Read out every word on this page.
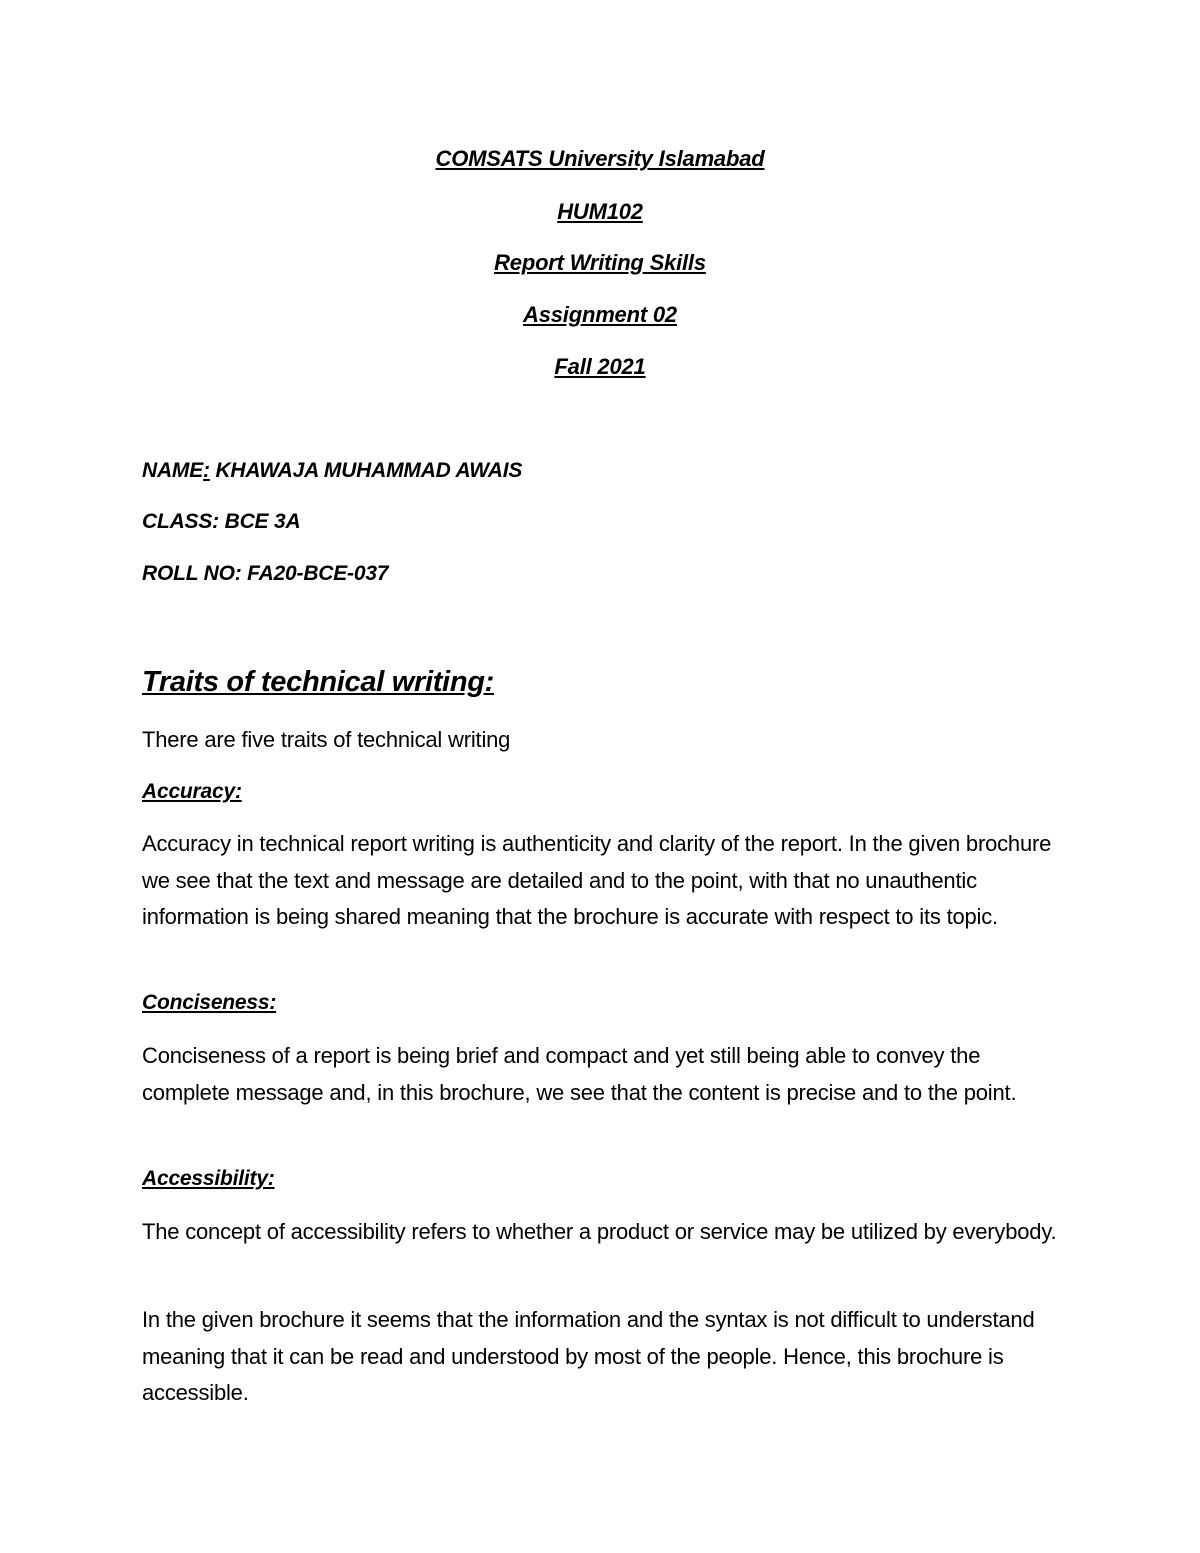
COMSATS University Islamabad
HUM102
Report Writing Skills
Assignment 02
Fall 2021
NAME: KHAWAJA MUHAMMAD AWAIS
CLASS: BCE 3A
ROLL NO: FA20-BCE-037
Traits of technical writing:

There are five traits of technical writing

Accuracy:

Accuracy in technical report writing is authenticity and clarity of the report. In the given brochure we see that the text and message are detailed and to the point, with that no unauthentic information is being shared meaning that the brochure is accurate with respect to its topic.

Conciseness:

Conciseness of a report is being brief and compact and yet still being able to convey the complete message and, in this brochure, we see that the content is precise and to the point.

Accessibility:

The concept of accessibility refers to whether a product or service may be utilized by everybody.

In the given brochure it seems that the information and the syntax is not difficult to understand meaning that it can be read and understood by most of the people. Hence, this brochure is accessible.
